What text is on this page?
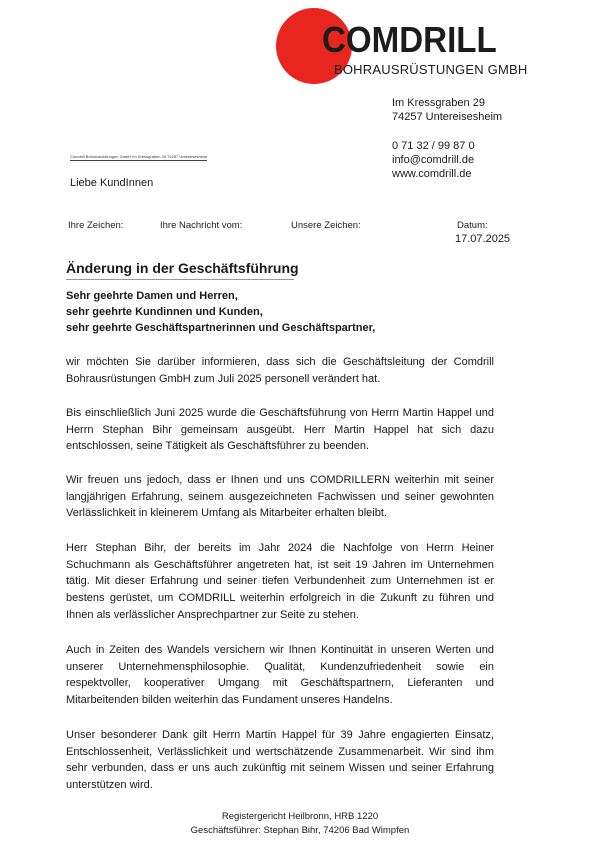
COMDRILL
BOHRAUSRÜSTUNGEN GMBH
Im Kressgraben 29
74257 Untereisesheim
0 71 32 / 99 87 0
info@comdrill.de
www.comdrill.de
Comdrill Bohrausrüstungen GmbH Im Kressgraben 29 74257 Untereisesheim
Liebe KundInnen
Ihre Zeichen:	Ihre Nachricht vom:	Unsere Zeichen:	Datum:
17.07.2025
Änderung in der Geschäftsführung
Sehr geehrte Damen und Herren,
sehr geehrte Kundinnen und Kunden,
sehr geehrte Geschäftspartnerinnen und Geschäftspartner,
wir möchten Sie darüber informieren, dass sich die Geschäftsleitung der Comdrill Bohrausrüstungen GmbH zum Juli 2025 personell verändert hat.
Bis einschließlich Juni 2025 wurde die Geschäftsführung von Herrn Martin Happel und Herrn Stephan Bihr gemeinsam ausgeübt. Herr Martin Happel hat sich dazu entschlossen, seine Tätigkeit als Geschäftsführer zu beenden.
Wir freuen uns jedoch, dass er Ihnen und uns COMDRILLERN weiterhin mit seiner langjährigen Erfahrung, seinem ausgezeichneten Fachwissen und seiner gewohnten Verlässlichkeit in kleinerem Umfang als Mitarbeiter erhalten bleibt.
Herr Stephan Bihr, der bereits im Jahr 2024 die Nachfolge von Herrn Heiner Schuchmann als Geschäftsführer angetreten hat, ist seit 19 Jahren im Unternehmen tätig. Mit dieser Erfahrung und seiner tiefen Verbundenheit zum Unternehmen ist er bestens gerüstet, um COMDRILL weiterhin erfolgreich in die Zukunft zu führen und Ihnen als verlässlicher Ansprechpartner zur Seite zu stehen.
Auch in Zeiten des Wandels versichern wir Ihnen Kontinuität in unseren Werten und unserer Unternehmensphilosophie. Qualität, Kundenzufriedenheit sowie ein respektvoller, kooperativer Umgang mit Geschäftspartnern, Lieferanten und Mitarbeitenden bilden weiterhin das Fundament unseres Handelns.
Unser besonderer Dank gilt Herrn Martin Happel für 39 Jahre engagierten Einsatz, Entschlossenheit, Verlässlichkeit und wertschätzende Zusammenarbeit. Wir sind ihm sehr verbunden, dass er uns auch zukünftig mit seinem Wissen und seiner Erfahrung unterstützen wird.
Registergericht Heilbronn, HRB 1220
Geschäftsführer: Stephan Bihr, 74206 Bad Wimpfen
